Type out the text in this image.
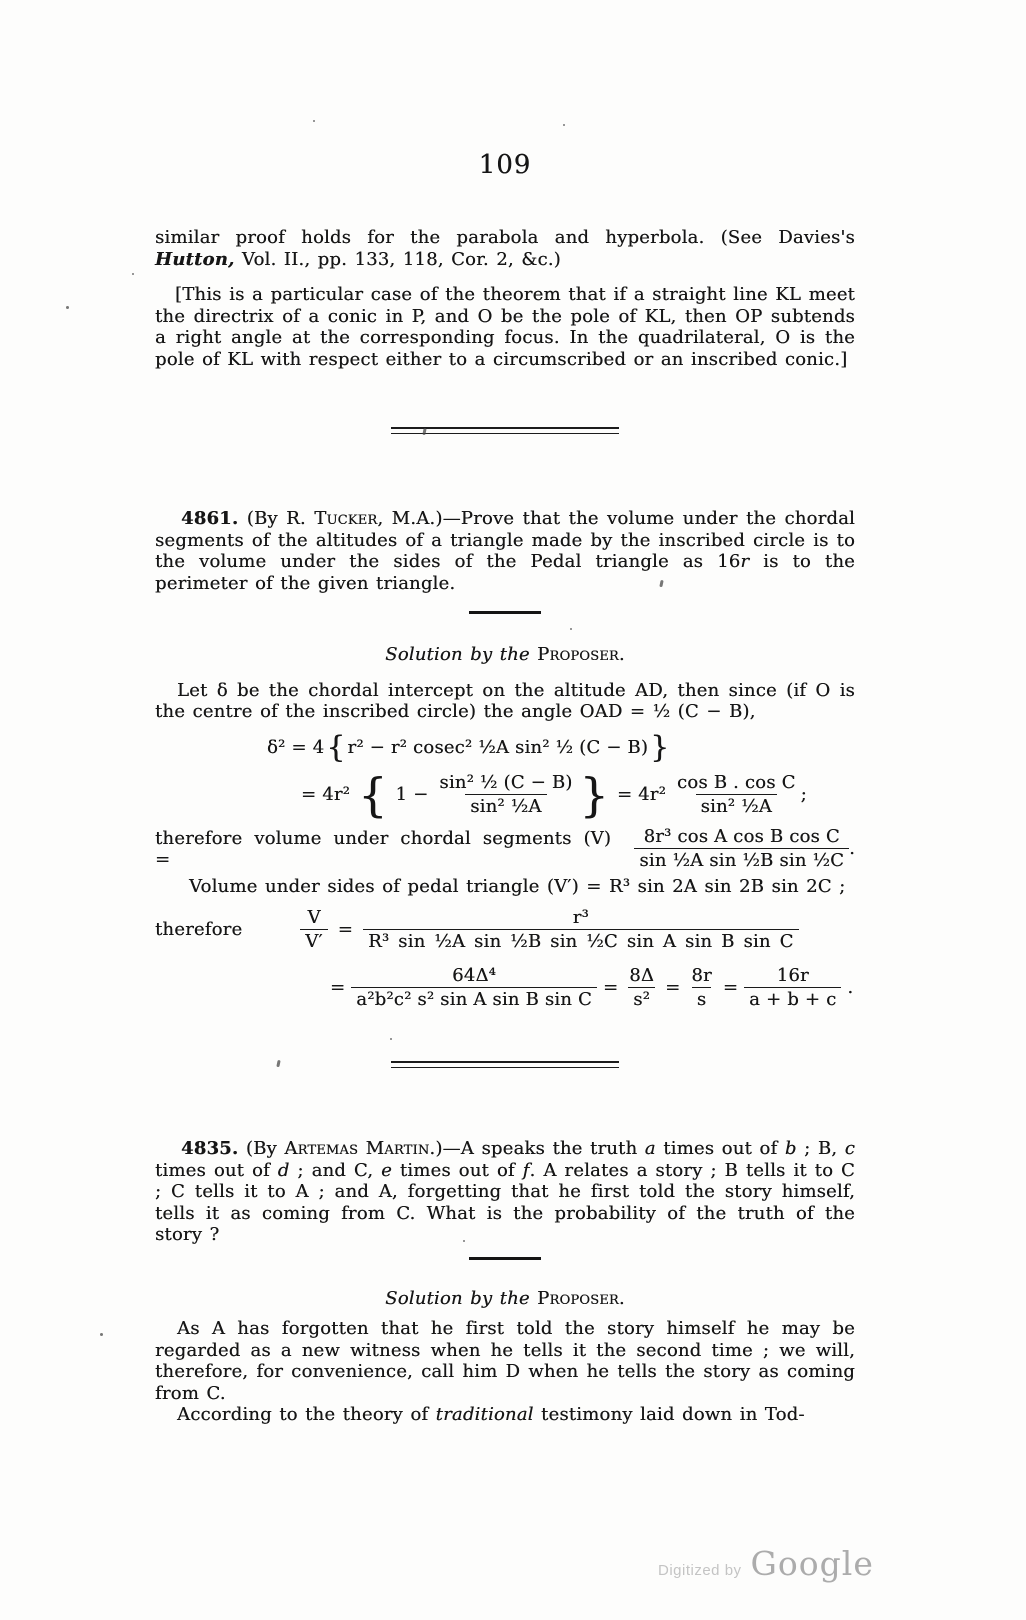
109

similar proof holds for the parabola and hyperbola. (See Davies's Hutton, Vol. II., pp. 133, 118, Cor. 2, &c.)

[This is a particular case of the theorem that if a straight line KL meet the directrix of a conic in P, and O be the pole of KL, then OP subtends a right angle at the corresponding focus. In the quadrilateral, O is the pole of KL with respect either to a circumscribed or an inscribed conic.]

4861. (By R. Tucker, M.A.)—Prove that the volume under the chordal segments of the altitudes of a triangle made by the inscribed circle is to the volume under the sides of the Pedal triangle as 16r is to the perimeter of the given triangle.

Solution by the Proposer.

Let δ be the chordal intercept on the altitude AD, then since (if O is the centre of the inscribed circle) the angle OAD = ½ (C − B),

δ² = 4 { r² − r² cosec² ½A sin² ½ (C − B) }
= 4r² { $1 - \frac{\text{sin² ½ (C − B)}}{\text{sin² ½A}}$ } = $4r^2 \frac{\text{cos B . cos C}}{\text{sin² ½A}}$ ;
therefore volume under chordal segments (V) =	$\frac{\text{8r³ cos A cos B cos C}}{\text{sin ½A sin ½B sin ½C}}$ .

Volume under sides of pedal triangle (V′) = R³ sin 2A sin 2B sin 2C ;

therefore	$\frac{V}{V'} = \frac{\text{r³}}{\text{R³ sin ½A sin ½B sin ½C sin A sin B sin C}}$
= $\frac{\text{64Δ⁴}}{\text{a²b²c² s² sin A sin B sin C}} = \frac{8\Delta}{\text{s²}} = \frac{8r}{s} = \frac{16r}{a + b + c}$ .

4835. (By Artemas Martin.)—A speaks the truth a times out of b ; B, c times out of d ; and C, e times out of f. A relates a story ; B tells it to C ; C tells it to A ; and A, forgetting that he first told the story himself, tells it as coming from C. What is the probability of the truth of the story ?

Solution by the Proposer.

As A has forgotten that he first told the story himself he may be regarded as a new witness when he tells it the second time ; we will, therefore, for convenience, call him D when he tells the story as coming from C.

According to the theory of traditional testimony laid down in Tod-

Digitized by Google
